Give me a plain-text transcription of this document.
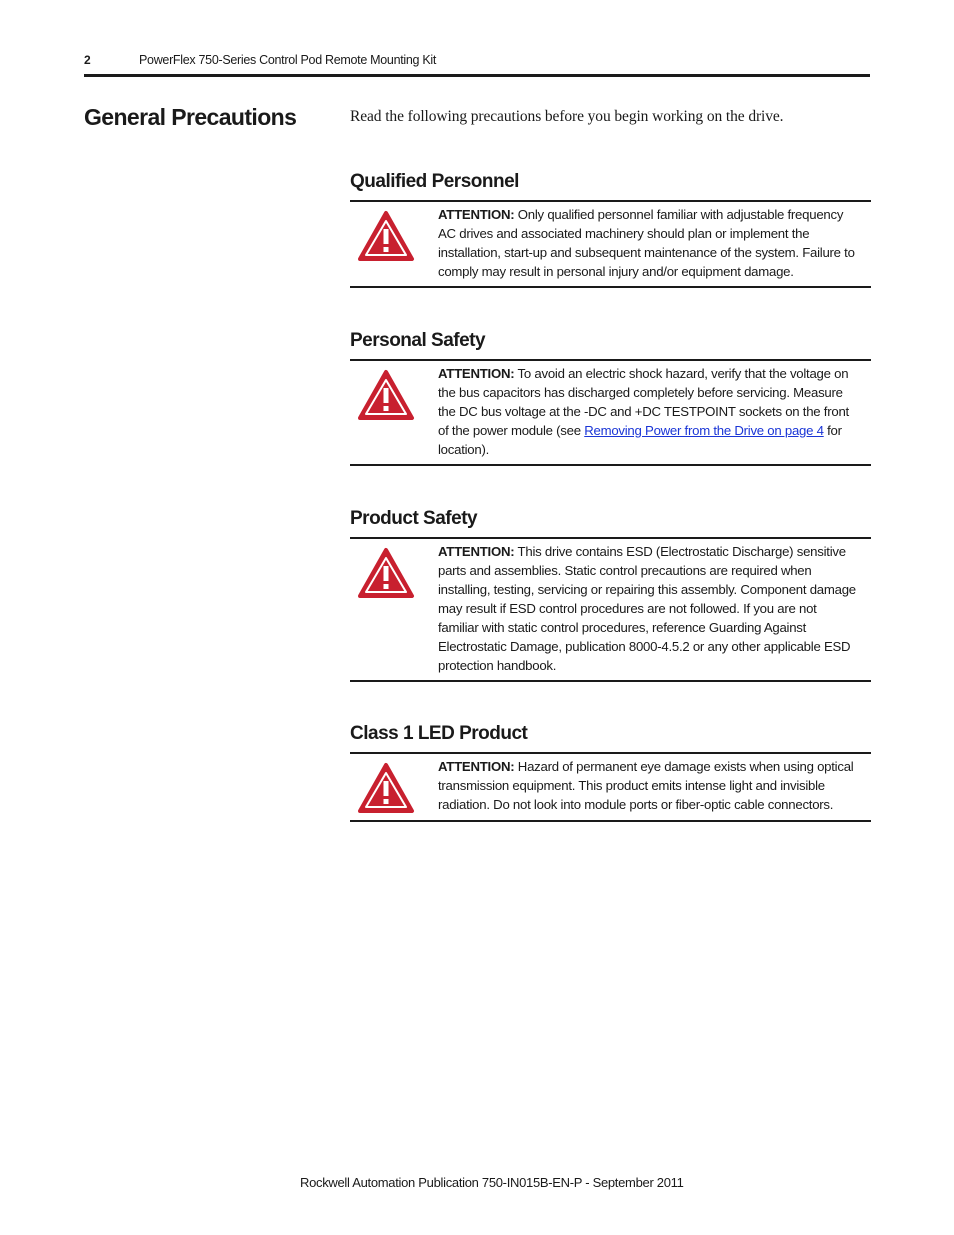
2	PowerFlex 750-Series Control Pod Remote Mounting Kit
General Precautions	Read the following precautions before you begin working on the drive.

Qualified Personnel

ATTENTION: Only qualified personnel familiar with adjustable frequency AC drives and associated machinery should plan or implement the installation, start-up and subsequent maintenance of the system. Failure to comply may result in personal injury and/or equipment damage.

Personal Safety

ATTENTION: To avoid an electric shock hazard, verify that the voltage on the bus capacitors has discharged completely before servicing. Measure the DC bus voltage at the -DC and +DC TESTPOINT sockets on the front of the power module (see Removing Power from the Drive on page 4 for location).

Product Safety

ATTENTION: This drive contains ESD (Electrostatic Discharge) sensitive parts and assemblies. Static control precautions are required when installing, testing, servicing or repairing this assembly. Component damage may result if ESD control procedures are not followed. If you are not familiar with static control procedures, reference Guarding Against Electrostatic Damage, publication 8000-4.5.2 or any other applicable ESD protection handbook.

Class 1 LED Product

ATTENTION: Hazard of permanent eye damage exists when using optical transmission equipment. This product emits intense light and invisible radiation. Do not look into module ports or fiber-optic cable connectors.

Rockwell Automation Publication 750-IN015B-EN-P - September 2011
